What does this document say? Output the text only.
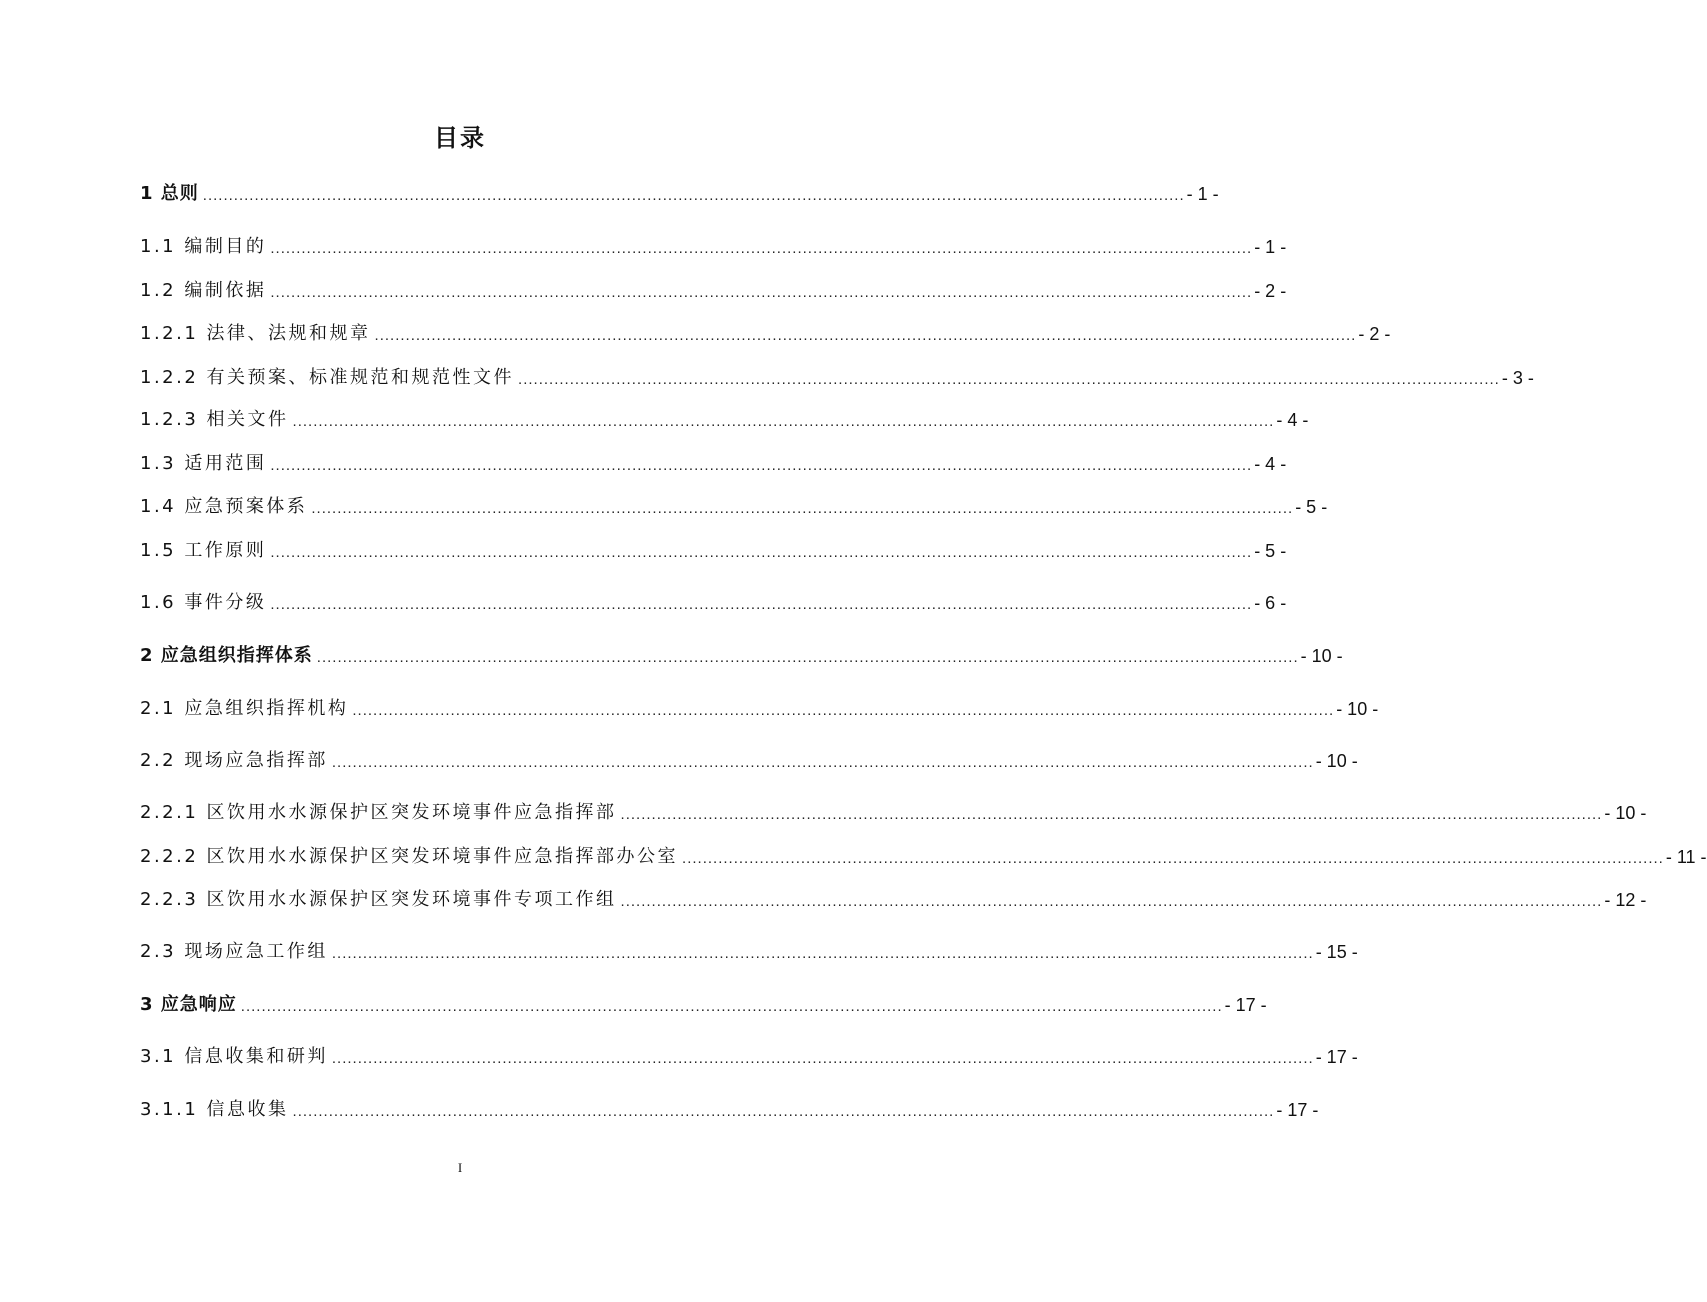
目录
1 总则 .............................................................................................................................................................................................. - 1 -
1.1 编制目的 .............................................................................................................................................................................................. - 1 -
1.2 编制依据 .............................................................................................................................................................................................. - 2 -
1.2.1 法律、法规和规章 .............................................................................................................................................................................................. - 2 -
1.2.2 有关预案、标准规范和规范性文件 .............................................................................................................................................................................................. - 3 -
1.2.3 相关文件 .............................................................................................................................................................................................. - 4 -
1.3 适用范围 .............................................................................................................................................................................................. - 4 -
1.4 应急预案体系 .............................................................................................................................................................................................. - 5 -
1.5 工作原则 .............................................................................................................................................................................................. - 5 -
1.6 事件分级 .............................................................................................................................................................................................. - 6 -
2 应急组织指挥体系 .............................................................................................................................................................................................. - 10 -
2.1 应急组织指挥机构 .............................................................................................................................................................................................. - 10 -
2.2 现场应急指挥部 .............................................................................................................................................................................................. - 10 -
2.2.1 区饮用水水源保护区突发环境事件应急指挥部 .............................................................................................................................................................................................. - 10 -
2.2.2 区饮用水水源保护区突发环境事件应急指挥部办公室 .............................................................................................................................................................................................. - 11 -
2.2.3 区饮用水水源保护区突发环境事件专项工作组 .............................................................................................................................................................................................. - 12 -
2.3 现场应急工作组 .............................................................................................................................................................................................. - 15 -
3 应急响应 .............................................................................................................................................................................................. - 17 -
3.1 信息收集和研判 .............................................................................................................................................................................................. - 17 -
3.1.1 信息收集 .............................................................................................................................................................................................. - 17 -
I
